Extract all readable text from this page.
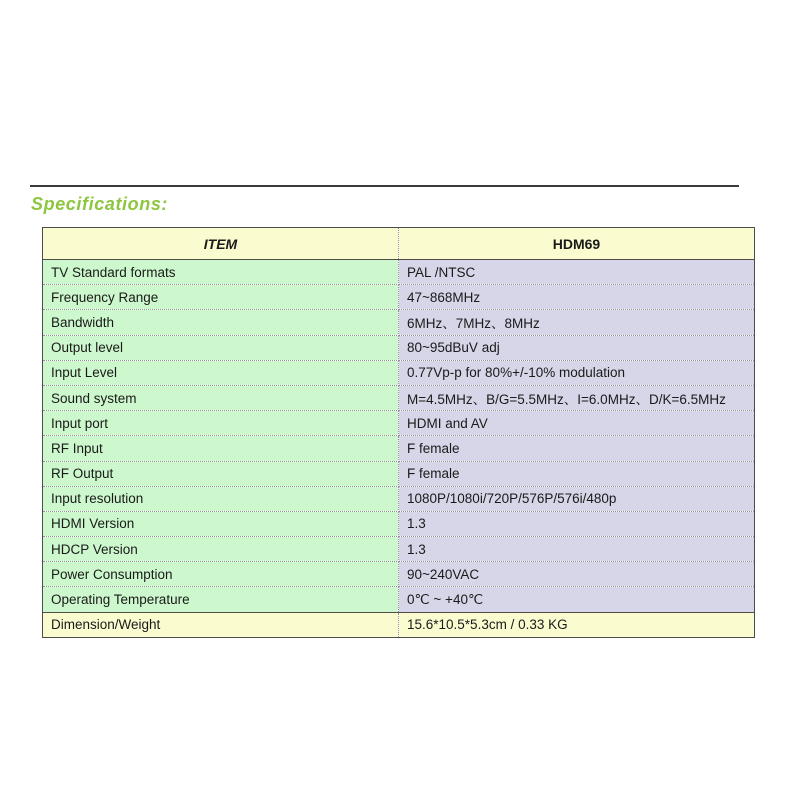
Specifications:
ITEM	HDM69
TV Standard formats	PAL /NTSC
Frequency Range	47~868MHz
Bandwidth	6MHz、7MHz、8MHz
Output level	80~95dBuV adj
Input Level	0.77Vp-p for 80%+/-10% modulation
Sound system	M=4.5MHz、B/G=5.5MHz、I=6.0MHz、D/K=6.5MHz
Input port	HDMI and AV
RF Input	F female
RF Output	F female
Input resolution	1080P/1080i/720P/576P/576i/480p
HDMI Version	1.3
HDCP Version	1.3
Power Consumption	90~240VAC
Operating Temperature	0℃ ~ +40℃
Dimension/Weight	15.6*10.5*5.3cm / 0.33 KG
